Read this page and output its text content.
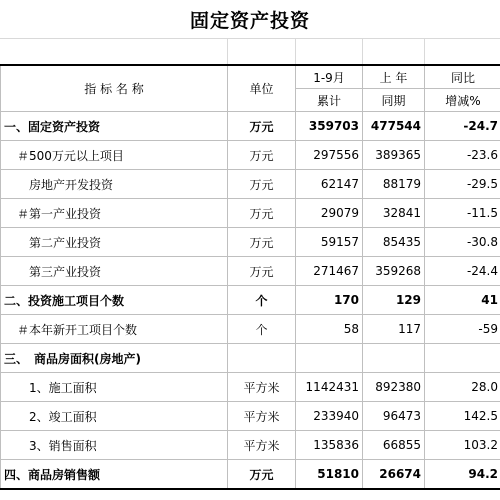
固定资产投资
指 标 名 称	单位	1-9月	上 年	同比
		累计	同期	增减%
一、固定资产投资	万元	359703	477544	-24.7
＃500万元以上项目	万元	297556	389365	-23.6
房地产开发投资	万元	62147	88179	-29.5
＃第一产业投资	万元	29079	32841	-11.5
第二产业投资	万元	59157	85435	-30.8
第三产业投资	万元	271467	359268	-24.4
二、投资施工项目个数	个	170	129	41
＃本年新开工项目个数	个	58	117	-59
三、　商品房面积(房地产)				
1、施工面积	平方米	1142431	892380	28.0
2、竣工面积	平方米	233940	96473	142.5
3、销售面积	平方米	135836	66855	103.2
四、商品房销售额	万元	51810	26674	94.2
